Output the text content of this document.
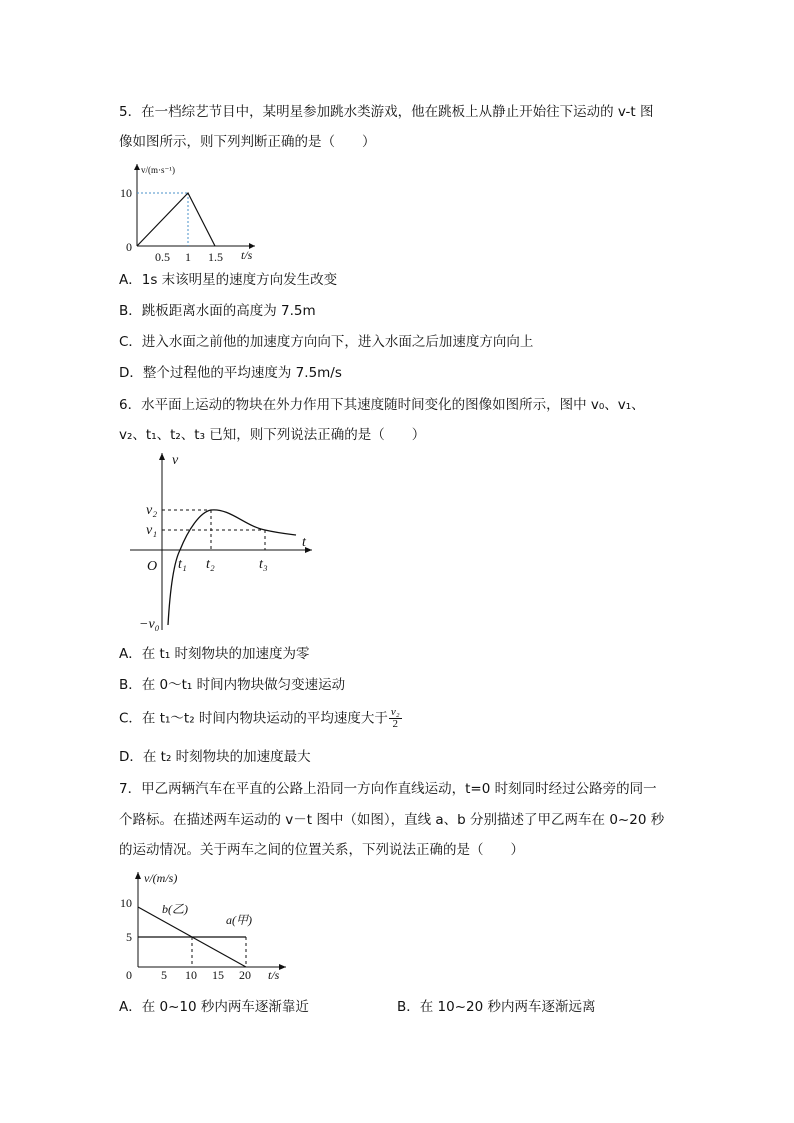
5．在一档综艺节目中，某明星参加跳水类游戏，他在跳板上从静止开始往下运动的 v-t 图
像如图所示，则下列判断正确的是（　　）
v/(m·s⁻¹)
10
0
0.5 1 1.5 t/s
A．1s 末该明星的速度方向发生改变
B．跳板距离水面的高度为 7.5m
C．进入水面之前他的加速度方向向下，进入水面之后加速度方向向上
D．整个过程他的平均速度为 7.5m/s
6．水平面上运动的物块在外力作用下其速度随时间变化的图像如图所示，图中 v₀、v₁、
v₂、t₁、t₂、t₃ 已知，则下列说法正确的是（　　）
v
t
O
v₂
v₁
−v₀
t₁ t₂	t₃
A．在 t₁ 时刻物块的加速度为零
B．在 0～t₁ 时间内物块做匀变速运动
C．在 t₁～t₂ 时间内物块运动的平均速度大于 $\frac{\text{v₂}}{2}$
D．在 t₂ 时刻物块的加速度最大
7．甲乙两辆汽车在平直的公路上沿同一方向作直线运动，t=0 时刻同时经过公路旁的同一
个路标。在描述两车运动的 v－t 图中（如图），直线 a、b 分别描述了甲乙两车在 0~20 秒
的运动情况。关于两车之间的位置关系，下列说法正确的是（　　）
v/(m/s)
10
5
0 5 10 15 20 t/s
b(乙)
a(甲)
A．在 0~10 秒内两车逐渐靠近	B．在 10~20 秒内两车逐渐远离
